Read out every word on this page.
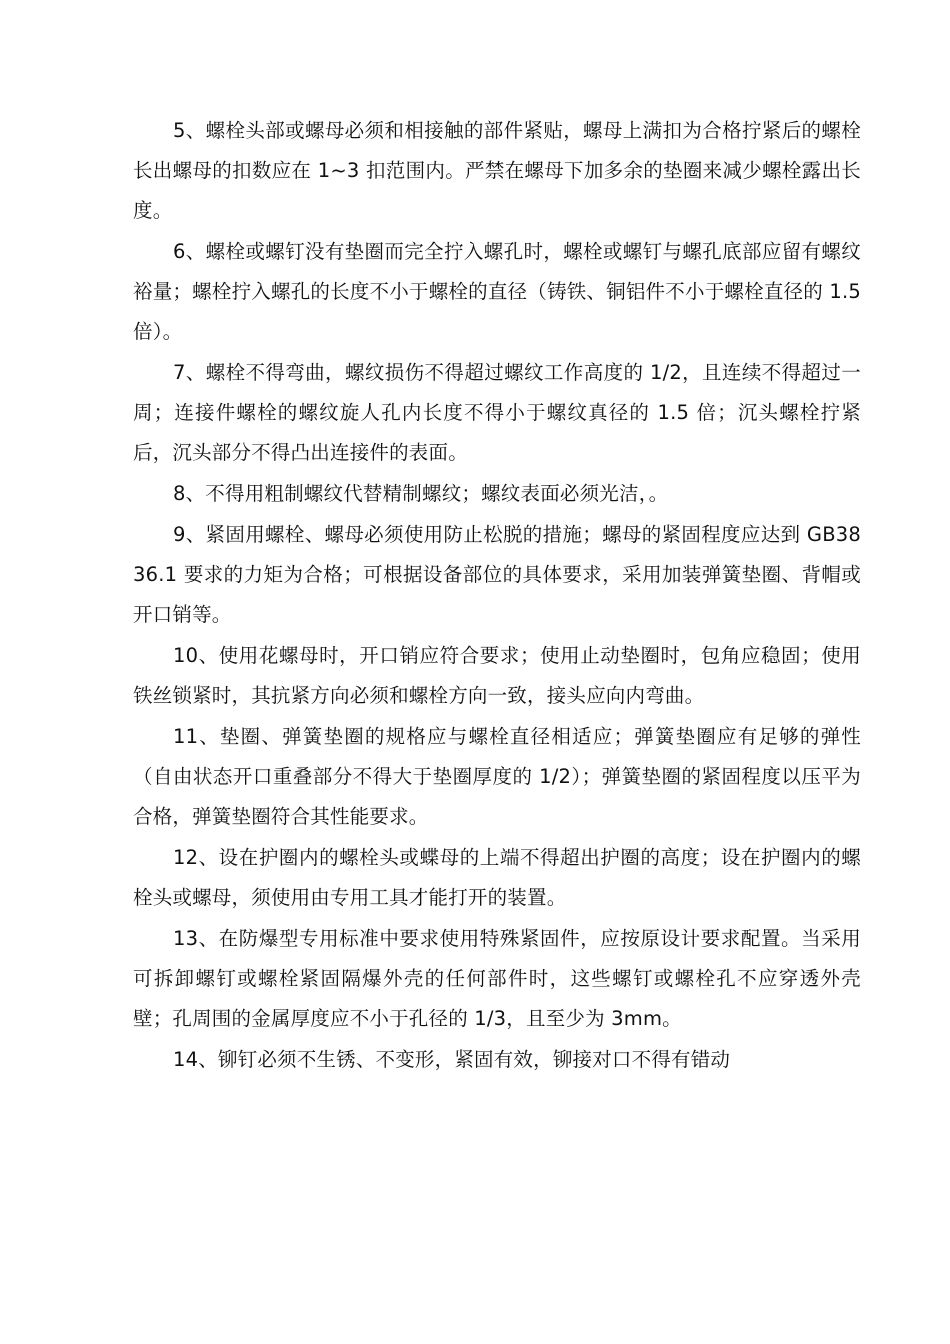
5、螺栓头部或螺母必须和相接触的部件紧贴，螺母上满扣为合格拧紧后的螺栓长出螺母的扣数应在 1~3 扣范围内。严禁在螺母下加多余的垫圈来减少螺栓露出长度。

6、螺栓或螺钉没有垫圈而完全拧入螺孔时，螺栓或螺钉与螺孔底部应留有螺纹裕量；螺栓拧入螺孔的长度不小于螺栓的直径（铸铁、铜铝件不小于螺栓直径的 1.5 倍）。

7、螺栓不得弯曲，螺纹损伤不得超过螺纹工作高度的 1/2，且连续不得超过一周；连接件螺栓的螺纹旋人孔内长度不得小于螺纹真径的 1.5 倍；沉头螺栓拧紧后，沉头部分不得凸出连接件的表面。

8、不得用粗制螺纹代替精制螺纹；螺纹表面必须光洁，。

9、紧固用螺栓、螺母必须使用防止松脱的措施；螺母的紧固程度应达到 GB3836.1 要求的力矩为合格；可根据设备部位的具体要求，采用加装弹簧垫圈、背帽或开口销等。

10、使用花螺母时，开口销应符合要求；使用止动垫圈时，包角应稳固；使用铁丝锁紧时，其抗紧方向必须和螺栓方向一致，接头应向内弯曲。

11、垫圈、弹簧垫圈的规格应与螺栓直径相适应；弹簧垫圈应有足够的弹性（自由状态开口重叠部分不得大于垫圈厚度的 1/2）；弹簧垫圈的紧固程度以压平为合格，弹簧垫圈符合其性能要求。

12、设在护圈内的螺栓头或蝶母的上端不得超出护圈的高度；设在护圈内的螺栓头或螺母，须使用由专用工具才能打开的装置。

13、在防爆型专用标准中要求使用特殊紧固件，应按原设计要求配置。当采用可拆卸螺钉或螺栓紧固隔爆外壳的任何部件时，这些螺钉或螺栓孔不应穿透外壳壁；孔周围的金属厚度应不小于孔径的 1/3，且至少为 3mm。

14、铆钉必须不生锈、不变形，紧固有效，铆接对口不得有错动
